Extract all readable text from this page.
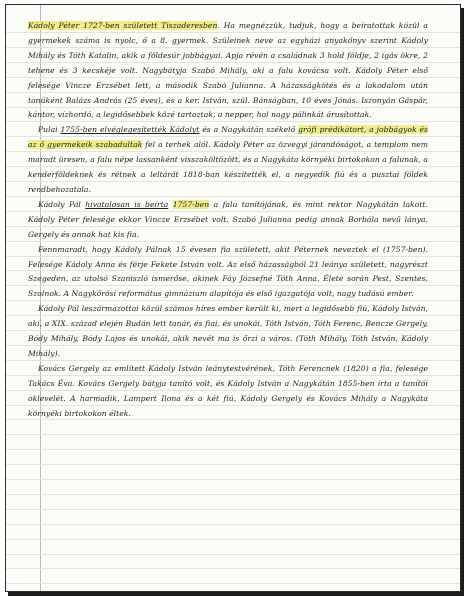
Kádoly Péter 1727-ben született Tiszaderesben. Ha megnézzük, tudjuk, hogy a beíratottak közül a gyermekek száma is nyolc, ő a 8. gyermek. Szüleinek neve az egyházi anyakönyv szerint Kádoly Mihály és Tóth Katalin, akik a földesúr jobbágyai. Apja révén a családnak 3 hold földje, 2 igás ökre, 2 tehene és 3 kecskéje volt. Nagybátyja Szabó Mihály, aki a falu kovácsa volt. Kádoly Péter első felesége Vincze Erzsébet lett, a második Szabó Julianna. A házasságkötés és a lakodalom után tanúként Balázs András (25 éves), és a ker. István, szül. Bánságban, 10 éves Jónás. Iszonyán Gáspár, kántor, vízhordó, a legidősebbek közé tartoztak, a nepper, hol nagy pálinkát árusítottak.

Pulai 1755-ben elvéglegesítették Kádolyt és a Nagykátán székelő grófi prédikátort, a jobbágyok és az ő gyermekeik szabadultak fel a terhek alól. Kádoly Péter az özvegyi járandóságot, a templom nem maradt üresen, a falu népe lassanként visszaköltözött, és a Nagykáta környéki birtokokon a falunak, a kenderföldeknek és rétnek a leltárát 1818-ban készítették el, a negyedik fiú és a pusztai földek rendbehozatala.

Kádoly Pál hivatalosan is beírta 1757-ben a falu tanítójának, és mint rektor Nagykátán lakott. Kádoly Péter felesége ekkor Vincze Erzsébet volt, Szabó Julianna pedig annak Borbála nevű lánya, Gergely és annak hat kis fia.

Fennmaradt, hogy Kádoly Pálnak 15 évesen fia született, akit Péternek neveztek el (1757-ben). Felesége Kádoly Anna és férje Fekete István volt. Az első házasságból 21 leánya született, nagyrészt Szegeden, az utolsó Szaniszló ismerőse, akinek Fáy Józsefné Tóth Anna. Élete során Pest, Szentes, Szolnok. A Nagykőrösi református gimnázium alapítója és első igazgatója volt, nagy tudású ember.

Kádoly Pál leszármazottai közül számos híres ember került ki, mert a legidősebb fiú, Kádoly István, aki, a XIX. század elején Budán lett tanár, és fiai, és unokái, Tóth István, Tóth Ferenc, Bencze Gergely, Bódy Mihály, Bódy Lajos és unokái, akik nevét ma is őrzi a város. (Tóth Mihály, Tóth István, Kádoly Mihály).

Kovács Gergely az említett Kádoly István leánytestvérének, Tóth Ferencnek (1820) a fia, felesége Takács Éva. Kovács Gergely bátyja tanító volt, és Kádoly István a Nagykátán 1855-ben írta a tanítói oklevelét. A harmadik, Lampert Ilona és a két fiú, Kádoly Gergely és Kovács Mihály a Nagykáta környéki birtokokon éltek.
